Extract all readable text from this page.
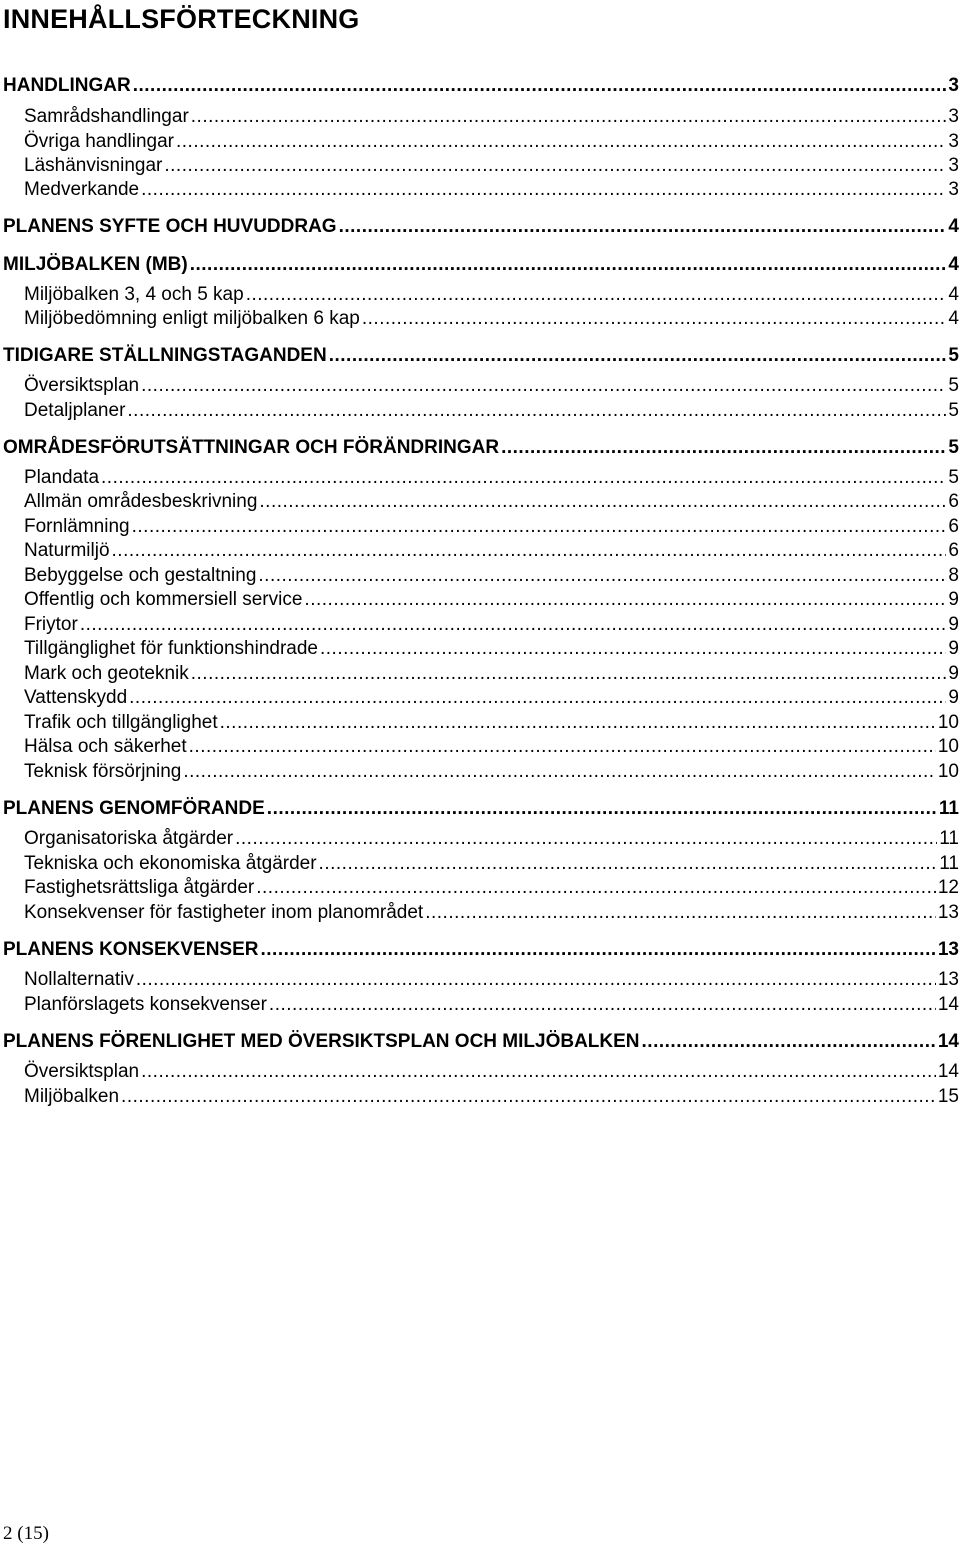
INNEHÅLLSFÖRTECKNING
HANDLINGAR .....	3
Samrådshandlingar .....	3
Övriga handlingar .....	3
Läshänvisningar .....	3
Medverkande .....	3
PLANENS SYFTE OCH HUVUDDRAG .....	4
MILJÖBALKEN (MB) .....	4
Miljöbalken 3, 4 och 5 kap .....	4
Miljöbedömning enligt miljöbalken 6 kap .....	4
TIDIGARE STÄLLNINGSTAGANDEN .....	5
Översiktsplan .....	5
Detaljplaner .....	5
OMRÅDESFÖRUTSÄTTNINGAR OCH FÖRÄNDRINGAR .....	5
Plandata .....	5
Allmän områdesbeskrivning .....	6
Fornlämning .....	6
Naturmiljö .....	6
Bebyggelse och gestaltning .....	8
Offentlig och kommersiell service .....	9
Friytor .....	9
Tillgänglighet för funktionshindrade .....	9
Mark och geoteknik .....	9
Vattenskydd .....	9
Trafik och tillgänglighet .....	10
Hälsa och säkerhet .....	10
Teknisk försörjning .....	10
PLANENS GENOMFÖRANDE .....	11
Organisatoriska åtgärder .....	11
Tekniska och ekonomiska åtgärder .....	11
Fastighetsrättsliga åtgärder .....	12
Konsekvenser för fastigheter inom planområdet .....	13
PLANENS KONSEKVENSER .....	13
Nollalternativ .....	13
Planförslagets konsekvenser .....	14
PLANENS FÖRENLIGHET MED ÖVERSIKTSPLAN OCH MILJÖBALKEN .....	14
Översiktsplan .....	14
Miljöbalken .....	15
2 (15)
